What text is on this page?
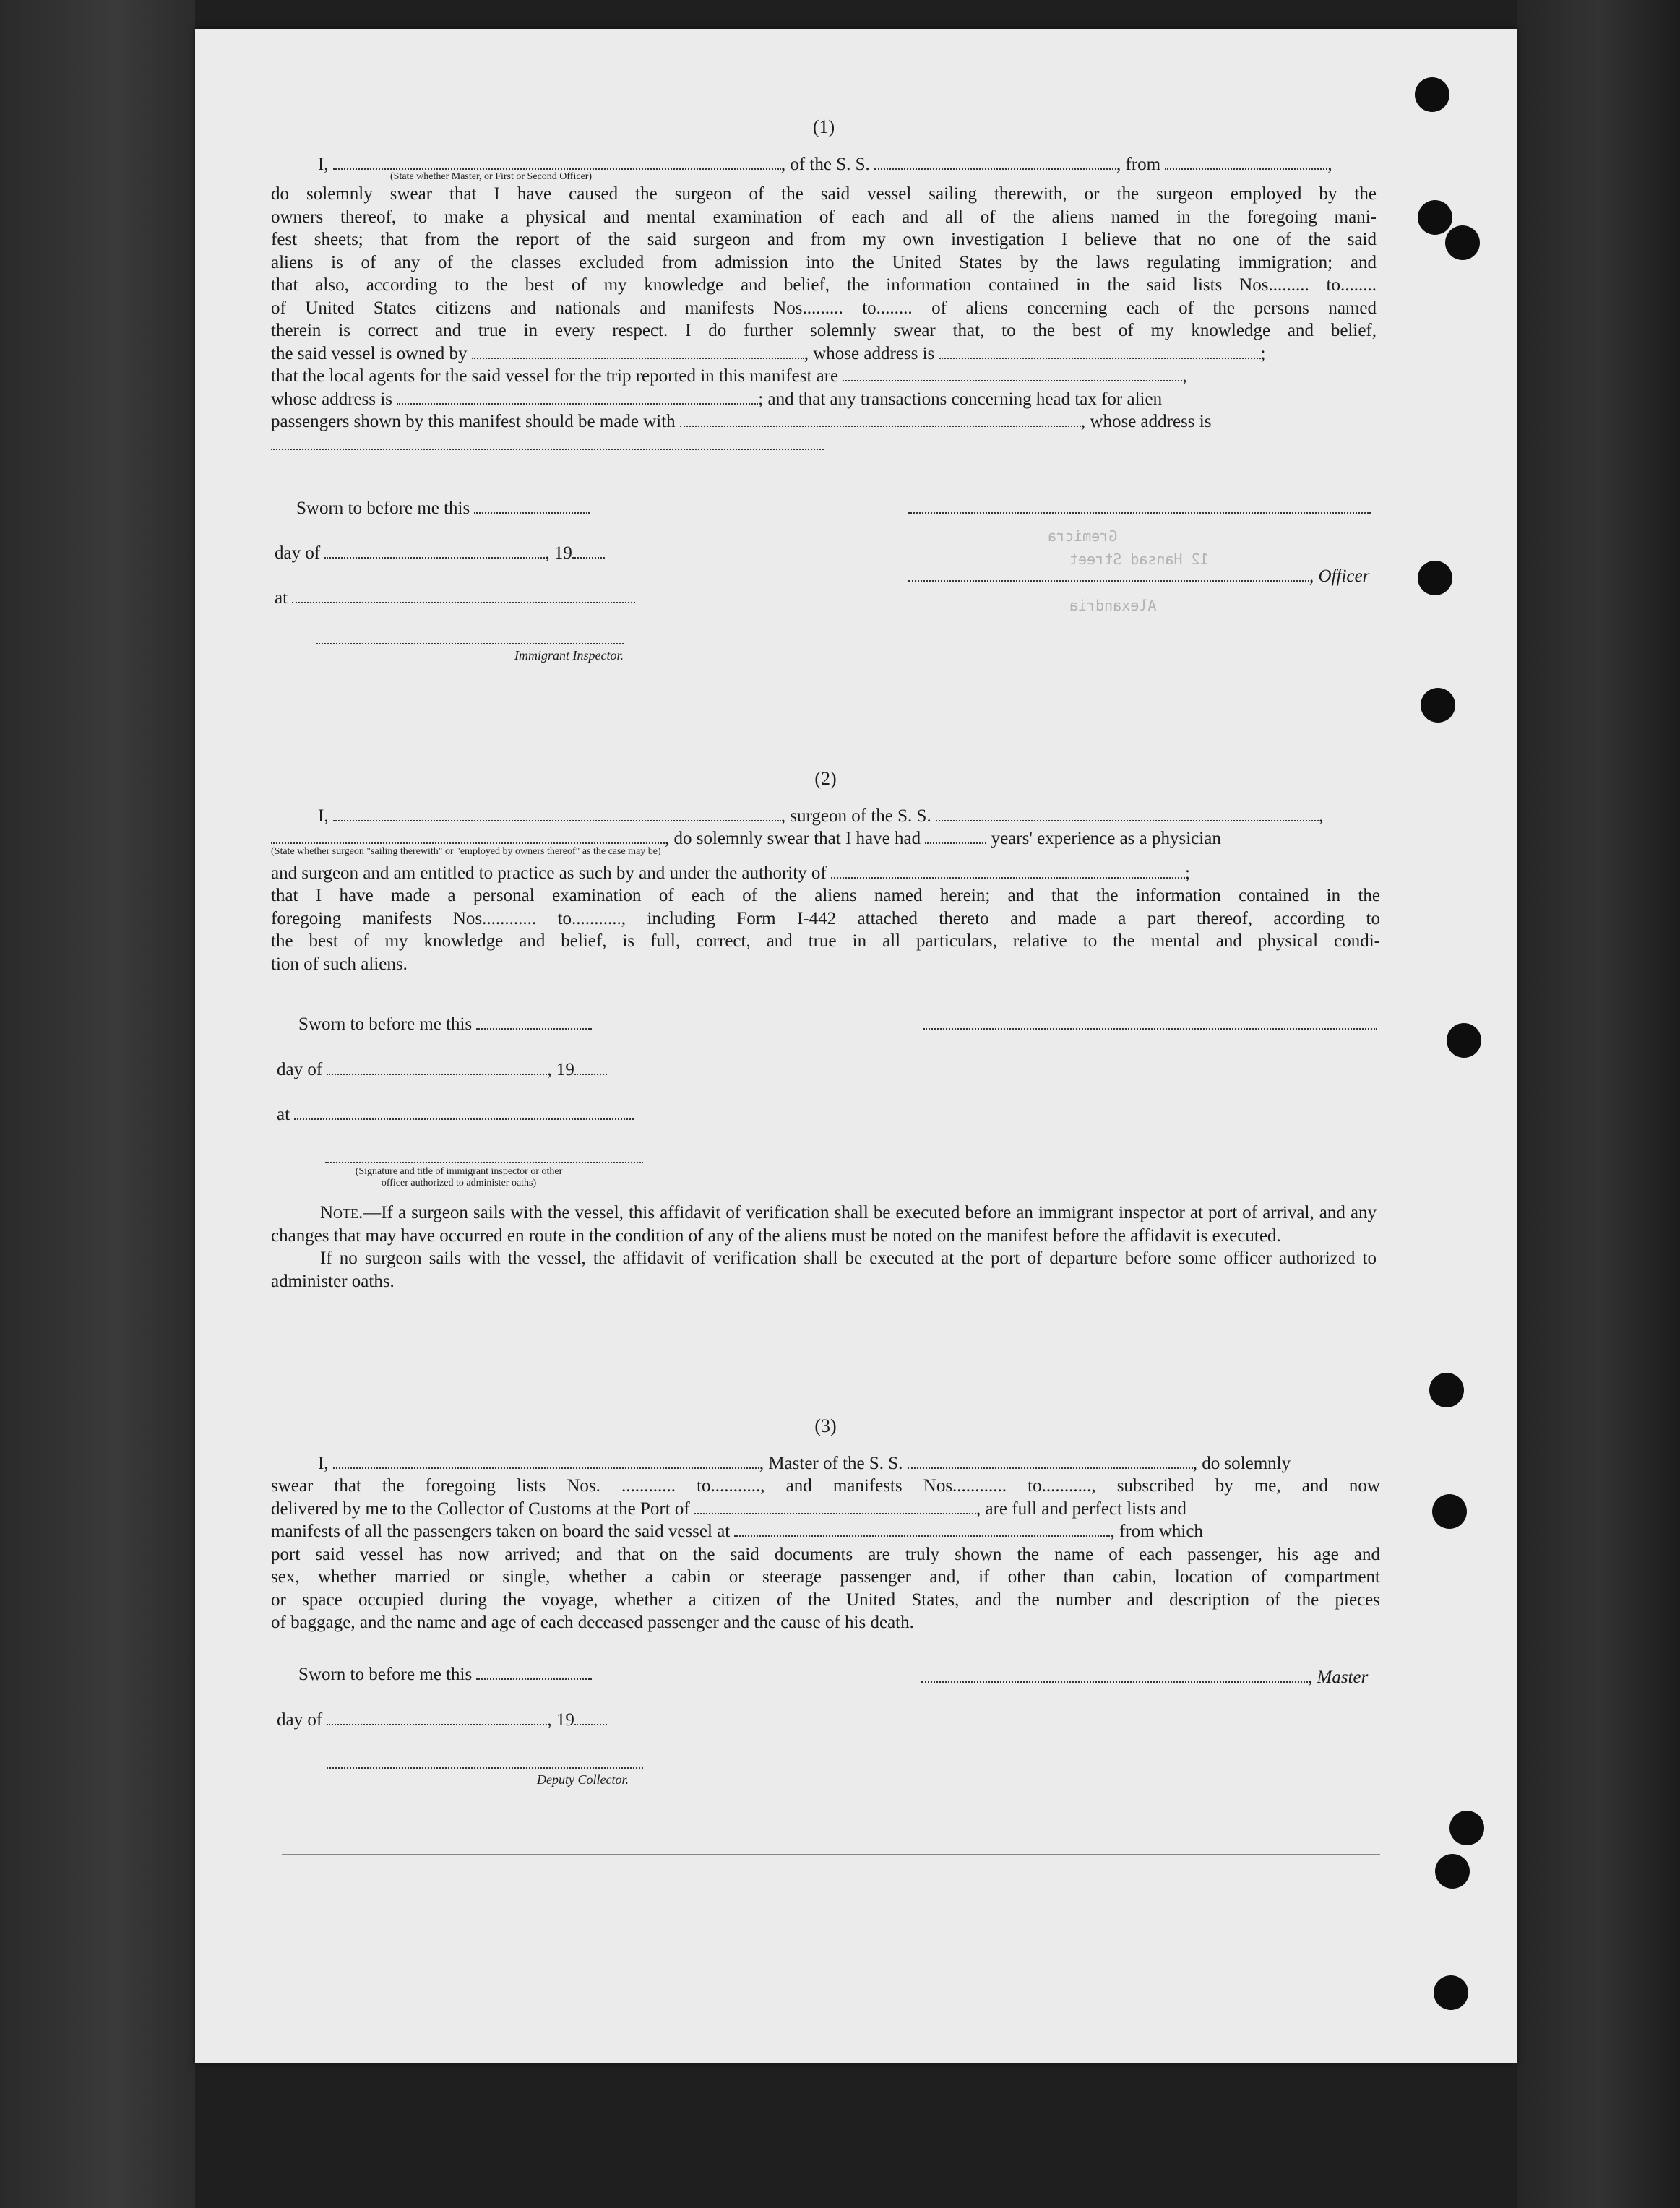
(1)
I,	, of the S. S.	, from	,
(State whether Master, or First or Second Officer)
do solemnly swear that I have caused the surgeon of the said vessel sailing therewith, or the surgeon employed by the
owners thereof, to make a physical and mental examination of each and all of the aliens named in the foregoing mani-
fest sheets; that from the report of the said surgeon and from my own investigation I believe that no one of the said
aliens is of any of the classes excluded from admission into the United States by the laws regulating immigration; and
that also, according to the best of my knowledge and belief, the information contained in the said lists Nos......... to........
of United States citizens and nationals and manifests Nos......... to........ of aliens concerning each of the persons named
therein is correct and true in every respect. I do further solemnly swear that, to the best of my knowledge and belief,
the said vessel is owned by	, whose address is	;
that the local agents for the said vessel for the trip reported in this manifest are	,
whose address is	; and that any transactions concerning head tax for alien
passengers shown by this manifest should be made with	, whose address is
Sworn to before me this
day of	, 19
at
, Officer
Immigrant Inspector.
Gremicra
12 Hansad Street
Alexandria
(2)
I,	, surgeon of the S. S.	,
, do solemnly swear that I have had	years' experience as a physician
(State whether surgeon "sailing therewith" or "employed by owners thereof" as the case may be)
and surgeon and am entitled to practice as such by and under the authority of	;
that I have made a personal examination of each of the aliens named herein; and that the information contained in the
foregoing manifests Nos............ to..........., including Form I-442 attached thereto and made a part thereof, according to
the best of my knowledge and belief, is full, correct, and true in all particulars, relative to the mental and physical condi-
tion of such aliens.
Sworn to before me this
day of	, 19
at
(Signature and title of immigrant inspector or other officer authorized to administer oaths)
Note.—If a surgeon sails with the vessel, this affidavit of verification shall be executed before an immigrant inspector at port of arrival, and any changes that may have occurred en route in the condition of any of the aliens must be noted on the manifest before the affidavit is executed.
If no surgeon sails with the vessel, the affidavit of verification shall be executed at the port of departure before some officer authorized to administer oaths.
(3)
I,	, Master of the S. S.	, do solemnly
swear that the foregoing lists Nos. ............ to..........., and manifests Nos............ to..........., subscribed by me, and now
delivered by me to the Collector of Customs at the Port of	, are full and perfect lists and
manifests of all the passengers taken on board the said vessel at	, from which
port said vessel has now arrived; and that on the said documents are truly shown the name of each passenger, his age and
sex, whether married or single, whether a cabin or steerage passenger and, if other than cabin, location of compartment
or space occupied during the voyage, whether a citizen of the United States, and the number and description of the pieces
of baggage, and the name and age of each deceased passenger and the cause of his death.
Sworn to before me this
day of	, 19
, Master
Deputy Collector.
